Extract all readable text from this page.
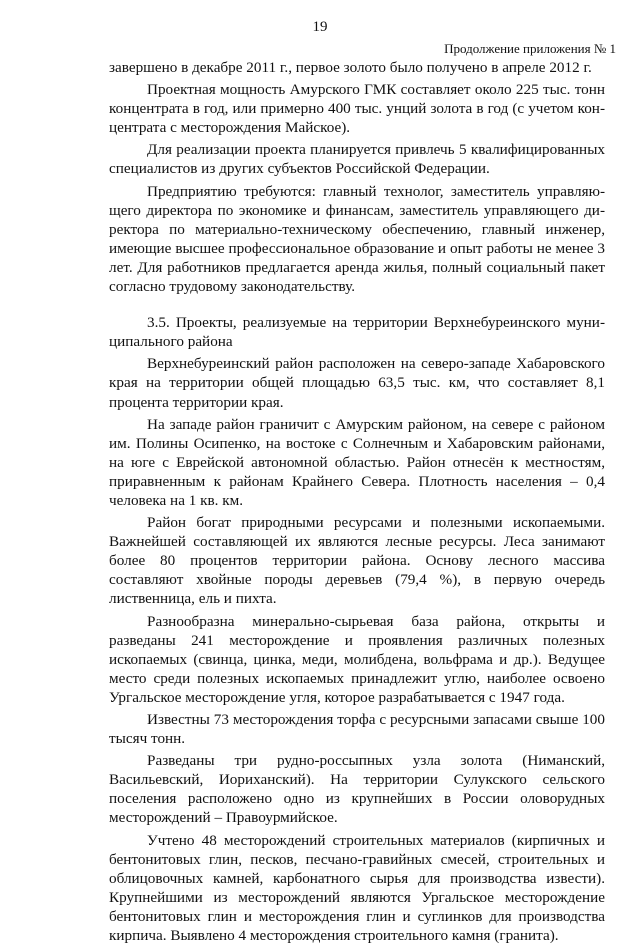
19
Продолжение приложения № 1

завершено в декабре 2011 г., первое золото было получено в апреле 2012 г.

Проектная мощность Амурского ГМК составляет около 225 тыс. тонн концентрата в год, или примерно 400 тыс. унций золота в год (с учетом концентрата с месторождения Майское).

Для реализации проекта планируется привлечь 5 квалифицированных специалистов из других субъектов Российской Федерации.

Предприятию требуются: главный технолог, заместитель управляющего директора по экономике и финансам, заместитель управляющего директора по материально-техническому обеспечению, главный инженер, имеющие высшее профессиональное образование и опыт работы не менее 3 лет. Для работников предлагается аренда жилья, полный социальный пакет согласно трудовому законодательству.

3.5. Проекты, реализуемые на территории Верхнебуреинского муниципального района

Верхнебуреинский район расположен на северо-западе Хабаровского края на территории общей площадью 63,5 тыс. км, что составляет 8,1 процента территории края.

На западе район граничит с Амурским районом, на севере с районом им. Полины Осипенко, на востоке с Солнечным и Хабаровским районами, на юге с Еврейской автономной областью. Район отнесён к местностям, приравненным к районам Крайнего Севера. Плотность населения – 0,4 человека на 1 кв. км.

Район богат природными ресурсами и полезными ископаемыми. Важнейшей составляющей их являются лесные ресурсы. Леса занимают более 80 процентов территории района. Основу лесного массива составляют хвойные породы деревьев (79,4 %), в первую очередь лиственница, ель и пихта.

Разнообразна минерально-сырьевая база района, открыты и разведаны 241 месторождение и проявления различных полезных ископаемых (свинца, цинка, меди, молибдена, вольфрама и др.). Ведущее место среди полезных ископаемых принадлежит углю, наиболее освоено Ургальское месторождение угля, которое разрабатывается с 1947 года.

Известны 73 месторождения торфа с ресурсными запасами свыше 100 тысяч тонн.

Разведаны три рудно-россыпных узла золота (Ниманский, Васильевский, Иориханский). На территории Сулукского сельского поселения расположено одно из крупнейших в России оловорудных месторождений – Правоурмийское.

Учтено 48 месторождений строительных материалов (кирпичных и бентонитовых глин, песков, песчано-гравийных смесей, строительных и облицовочных камней, карбонатного сырья для производства извести). Крупнейшими из месторождений являются Ургальское месторождение бентонитовых глин и месторождения глин и суглинков для производства кирпича. Выявлено 4 месторождения строительного камня (гранита).
